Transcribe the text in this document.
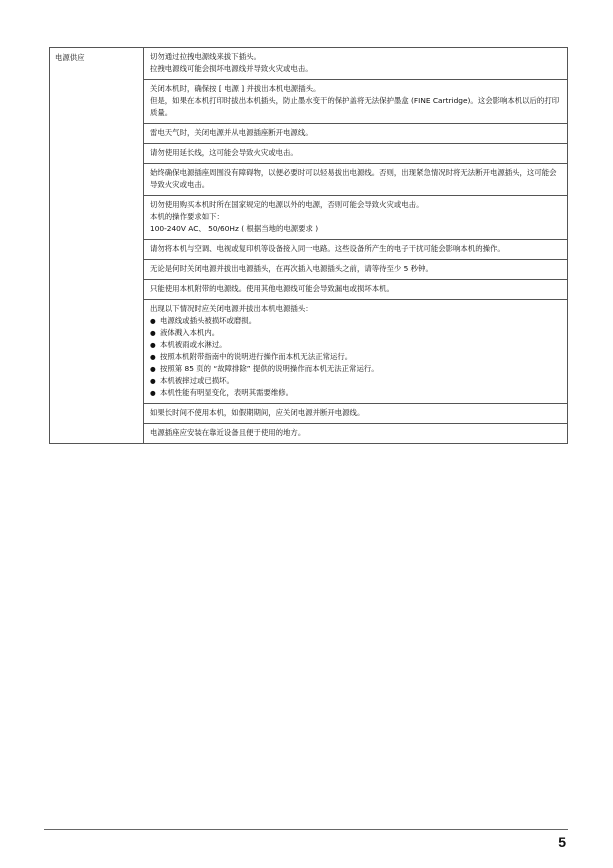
电源供应	切勿通过拉拽电源线来拔下插头。
拉拽电源线可能会损坏电源线并导致火灾或电击。

关闭本机时，确保按 [ 电源 ] 并拔出本机电源插头。
但是，如果在本机打印时拔出本机插头，防止墨水变干的保护盖将无法保护墨盒 (FINE Cartridge)。这会影响本机以后的打印质量。

雷电天气时，关闭电源并从电源插座断开电源线。

请勿使用延长线，这可能会导致火灾或电击。

始终确保电源插座周围没有障碍物，以便必要时可以轻易拔出电源线。否则，出现紧急情况时将无法断开电源插头，这可能会导致火灾或电击。

切勿使用购买本机时所在国家规定的电源以外的电源，否则可能会导致火灾或电击。
本机的操作要求如下：
100-240V AC、 50/60Hz ( 根据当地的电源要求 )

请勿将本机与空调、电视或复印机等设备接入同一电路。这些设备所产生的电子干扰可能会影响本机的操作。

无论是何时关闭电源并拔出电源插头，在再次插入电源插头之前，请等待至少 5 秒钟。

只能使用本机附带的电源线。使用其他电源线可能会导致漏电或损坏本机。

出现以下情况时应关闭电源并拔出本机电源插头：
● 电源线或插头被损坏或磨损。
● 液体溅入本机内。
● 本机被雨或水淋过。
● 按照本机附带指南中的说明进行操作而本机无法正常运行。
● 按照第 85 页的 “故障排除” 提供的说明操作而本机无法正常运行。
● 本机被摔过或已损坏。
● 本机性能有明显变化，表明其需要维修。

如果长时间不使用本机，如假期期间，应关闭电源并断开电源线。

电源插座应安装在靠近设备且便于使用的地方。
5
